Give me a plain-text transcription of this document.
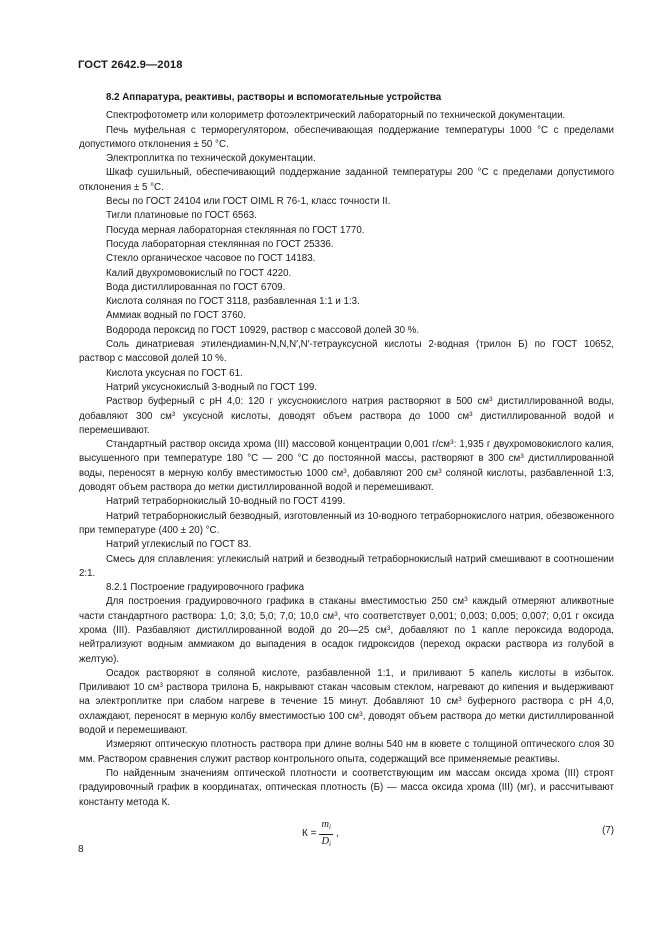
ГОСТ 2642.9—2018
8.2 Аппаратура, реактивы, растворы и вспомогательные устройства

Спектрофотометр или колориметр фотоэлектрический лабораторный по технической документации.

Печь муфельная с терморегулятором, обеспечивающая поддержание температуры 1000 °C с пределами допустимого отклонения ± 50 °C.

Электроплитка по технической документации.

Шкаф сушильный, обеспечивающий поддержание заданной температуры 200 °C с пределами допустимого отклонения ± 5 °C.

Весы по ГОСТ 24104 или ГОСТ OIML R 76-1, класс точности II.

Тигли платиновые по ГОСТ 6563.

Посуда мерная лабораторная стеклянная по ГОСТ 1770.

Посуда лабораторная стеклянная по ГОСТ 25336.

Стекло органическое часовое по ГОСТ 14183.

Калий двухромовокислый по ГОСТ 4220.

Вода дистиллированная по ГОСТ 6709.

Кислота соляная по ГОСТ 3118, разбавленная 1:1 и 1:3.

Аммиак водный по ГОСТ 3760.

Водорода пероксид по ГОСТ 10929, раствор с массовой долей 30 %.

Соль динатриевая этилендиамин-N,N,N′,N′-тетрауксусной кислоты 2-водная (трилон Б) по ГОСТ 10652, раствор с массовой долей 10 %.

Кислота уксусная по ГОСТ 61.

Натрий уксуснокислый 3-водный по ГОСТ 199.

Раствор буферный с рН 4,0: 120 г уксуснокислого натрия растворяют в 500 $см^3$ дистиллированной воды, добавляют 300 $см^3$ уксусной кислоты, доводят объем раствора до 1000 $см^3$ дистиллированной водой и перемешивают.

Стандартный раствор оксида хрома (III) массовой концентрации 0,001 $г/см^3$: 1,935 г двухромовокислого калия, высушенного при температуре 180 °C — 200 °C до постоянной массы, растворяют в 300 $см^3$ дистиллированной воды, переносят в мерную колбу вместимостью 1000 $см^3$, добавляют 200 $см^3$ соляной кислоты, разбавленной 1:3, доводят объем раствора до метки дистиллированной водой и перемешивают.

Натрий тетраборнокислый 10-водный по ГОСТ 4199.

Натрий тетраборнокислый безводный, изготовленный из 10-водного тетраборнокислого натрия, обезвоженного при температуре (400 ± 20) °C.

Натрий углекислый по ГОСТ 83.

Смесь для сплавления: углекислый натрий и безводный тетраборнокислый натрий смешивают в соотношении 2:1.

8.2.1 Построение градуировочного графика

Для построения градуировочного графика в стаканы вместимостью 250 $см^3$ каждый отмеряют аликвотные части стандартного раствора: 1,0; 3,0; 5,0; 7,0; 10,0 $см^3$, что соответствует 0,001; 0,003; 0,005; 0,007; 0,01 г оксида хрома (III). Разбавляют дистиллированной водой до 20—25 $см^3$, добавляют по 1 капле пероксида водорода, нейтрализуют водным аммиаком до выпадения в осадок гидроксидов (переход окраски раствора из голубой в желтую).

Осадок растворяют в соляной кислоте, разбавленной 1:1, и приливают 5 капель кислоты в избыток. Приливают 10 $см^3$ раствора трилона Б, накрывают стакан часовым стеклом, нагревают до кипения и выдерживают на электроплитке при слабом нагреве в течение 15 минут. Добавляют 10 $см^3$ буферного раствора с рН 4,0, охлаждают, переносят в мерную колбу вместимостью 100 $см^3$, доводят объем раствора до метки дистиллированной водой и перемешивают.

Измеряют оптическую плотность раствора при длине волны 540 нм в кювете с толщиной оптического слоя 30 мм. Раствором сравнения служит раствор контрольного опыта, содержащий все применяемые реактивы.

По найденным значениям оптической плотности и соответствующим им массам оксида хрома (III) строят градуировочный график в координатах, оптическая плотность (Б) — масса оксида хрома (III) (мг), и рассчитывают константу метода К.

$К = \frac{m_i}{D_i}$ ,	(7)
8
